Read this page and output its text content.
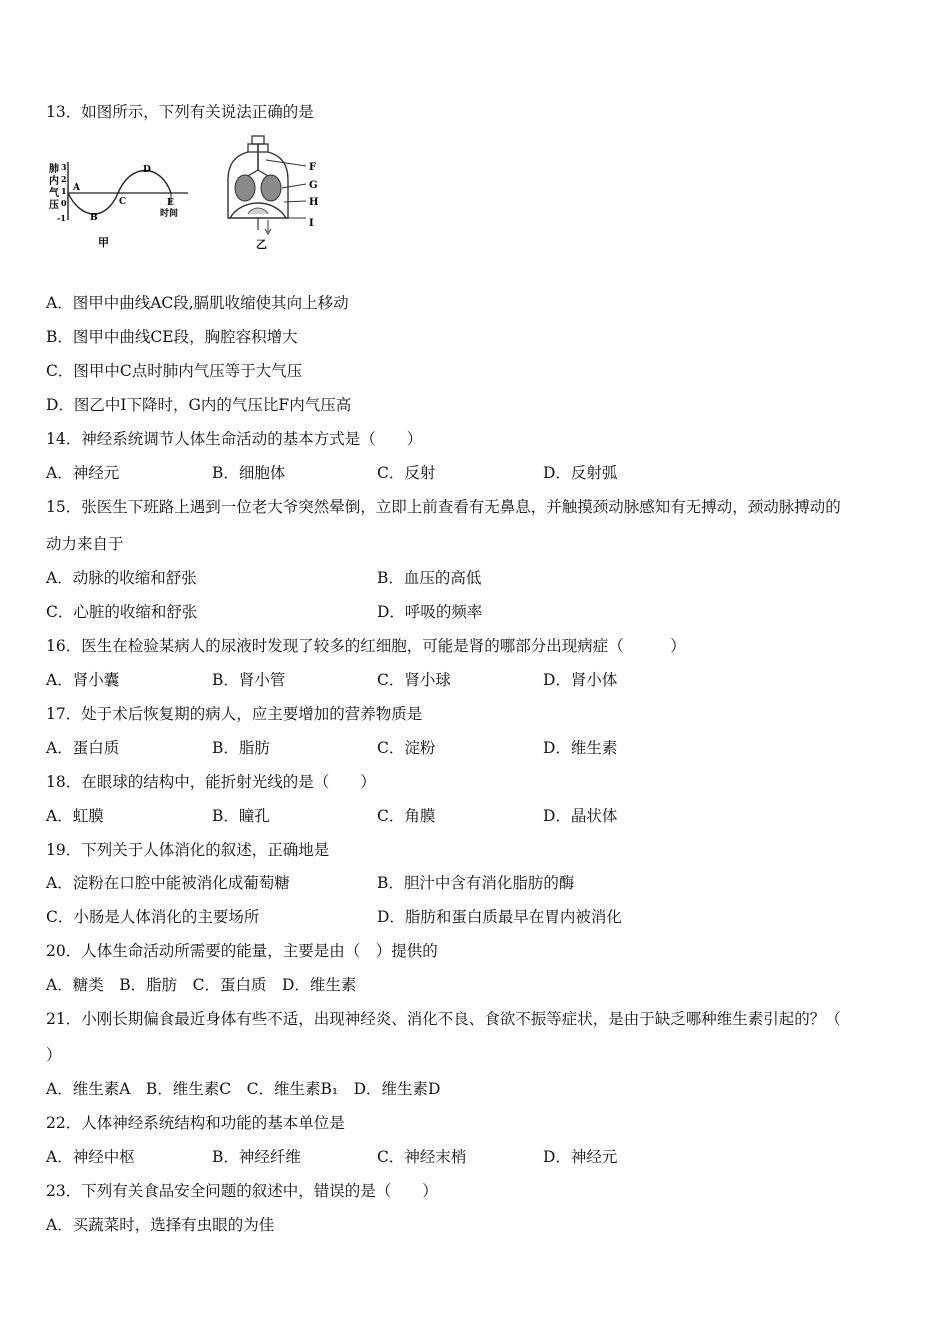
13．如图所示，下列有关说法正确的是
肺
内
气
压
3
2
1
0
-1
A
B
C
D
E
时间
甲
F
G
H
I
乙
A．图甲中曲线AC段,膈肌收缩使其向上移动
B．图甲中曲线CE段，胸腔容积增大
C．图甲中C点时肺内气压等于大气压
D．图乙中I下降时，G内的气压比F内气压高
14．神经系统调节人体生命活动的基本方式是（　　）
A．神经元	B．细胞体	C．反射	D．反射弧
15．张医生下班路上遇到一位老大爷突然晕倒，立即上前查看有无鼻息，并触摸颈动脉感知有无搏动，颈动脉搏动的
动力来自于
A．动脉的收缩和舒张	B．血压的高低
C．心脏的收缩和舒张	D．呼吸的频率
16．医生在检验某病人的尿液时发现了较多的红细胞，可能是肾的哪部分出现病症（　　　）
A．肾小囊	B．肾小管	C．肾小球	D．肾小体
17．处于术后恢复期的病人，应主要增加的营养物质是
A．蛋白质	B．脂肪	C．淀粉	D．维生素
18．在眼球的结构中，能折射光线的是（　　）
A．虹膜	B．瞳孔	C．角膜	D．晶状体
19．下列关于人体消化的叙述，正确地是
A．淀粉在口腔中能被消化成葡萄糖	B．胆汁中含有消化脂肪的酶
C．小肠是人体消化的主要场所	D．脂肪和蛋白质最早在胃内被消化
20．人体生命活动所需要的能量，主要是由（　）提供的
A．糖类　B．脂肪　C．蛋白质　D．维生素
21．小刚长期偏食最近身体有些不适，出现神经炎、消化不良、食欲不振等症状，是由于缺乏哪种维生素引起的？（
）
A．维生素A　B．维生素C　C．维生素B₁　D．维生素D
22．人体神经系统结构和功能的基本单位是
A．神经中枢	B．神经纤维	C．神经末梢	D．神经元
23．下列有关食品安全问题的叙述中，错误的是（　　）
A．买蔬菜时，选择有虫眼的为佳
